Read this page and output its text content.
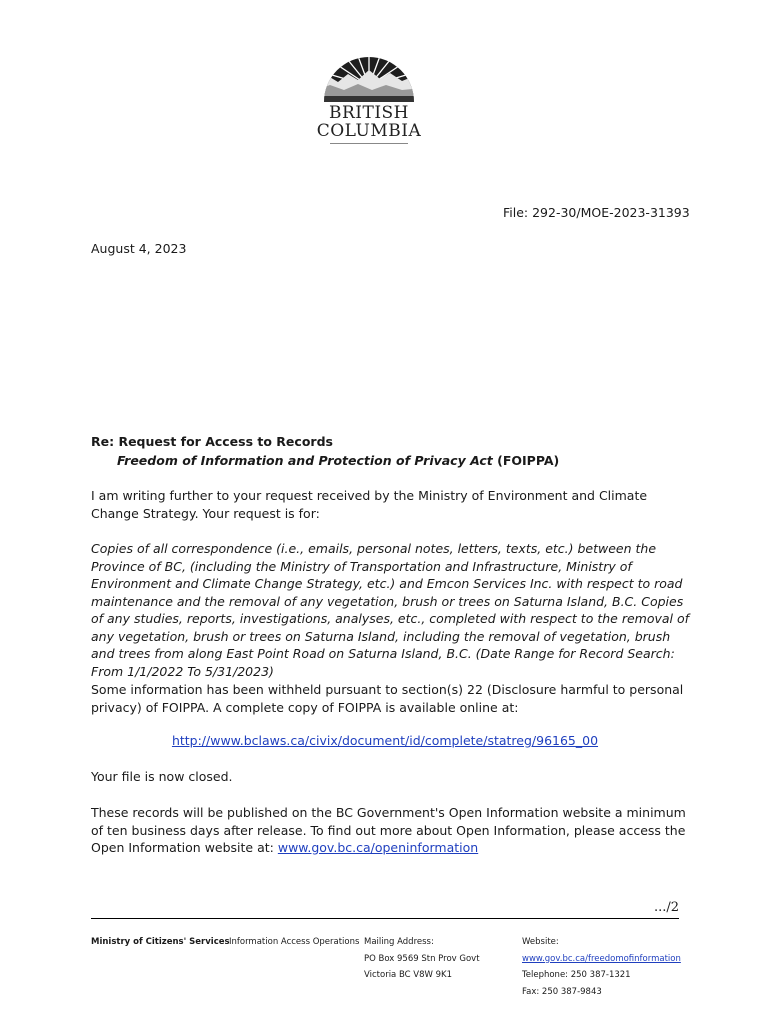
BRITISH
COLUMBIA
File: 292-30/MOE-2023-31393
August 4, 2023
Re: Request for Access to Records
Freedom of Information and Protection of Privacy Act (FOIPPA)
I am writing further to your request received by the Ministry of Environment and Climate Change Strategy. Your request is for:
Copies of all correspondence (i.e., emails, personal notes, letters, texts, etc.) between the Province of BC, (including the Ministry of Transportation and Infrastructure, Ministry of Environment and Climate Change Strategy, etc.) and Emcon Services Inc. with respect to road maintenance and the removal of any vegetation, brush or trees on Saturna Island, B.C. Copies of any studies, reports, investigations, analyses, etc., completed with respect to the removal of any vegetation, brush or trees on Saturna Island, including the removal of vegetation, brush and trees from along East Point Road on Saturna Island, B.C. (Date Range for Record Search: From 1/1/2022 To 5/31/2023)
Some information has been withheld pursuant to section(s) 22 (Disclosure harmful to personal privacy) of FOIPPA. A complete copy of FOIPPA is available online at:
http://www.bclaws.ca/civix/document/id/complete/statreg/96165_00
Your file is now closed.
These records will be published on the BC Government's Open Information website a minimum of ten business days after release. To find out more about Open Information, please access the Open Information website at: www.gov.bc.ca/openinformation
.../2
Ministry of Citizens' Services Information Access Operations Mailing Address:
PO Box 9569 Stn Prov Govt
Victoria BC V8W 9K1
Website:
www.gov.bc.ca/freedomofinformation
Telephone: 250 387-1321
Fax: 250 387-9843
